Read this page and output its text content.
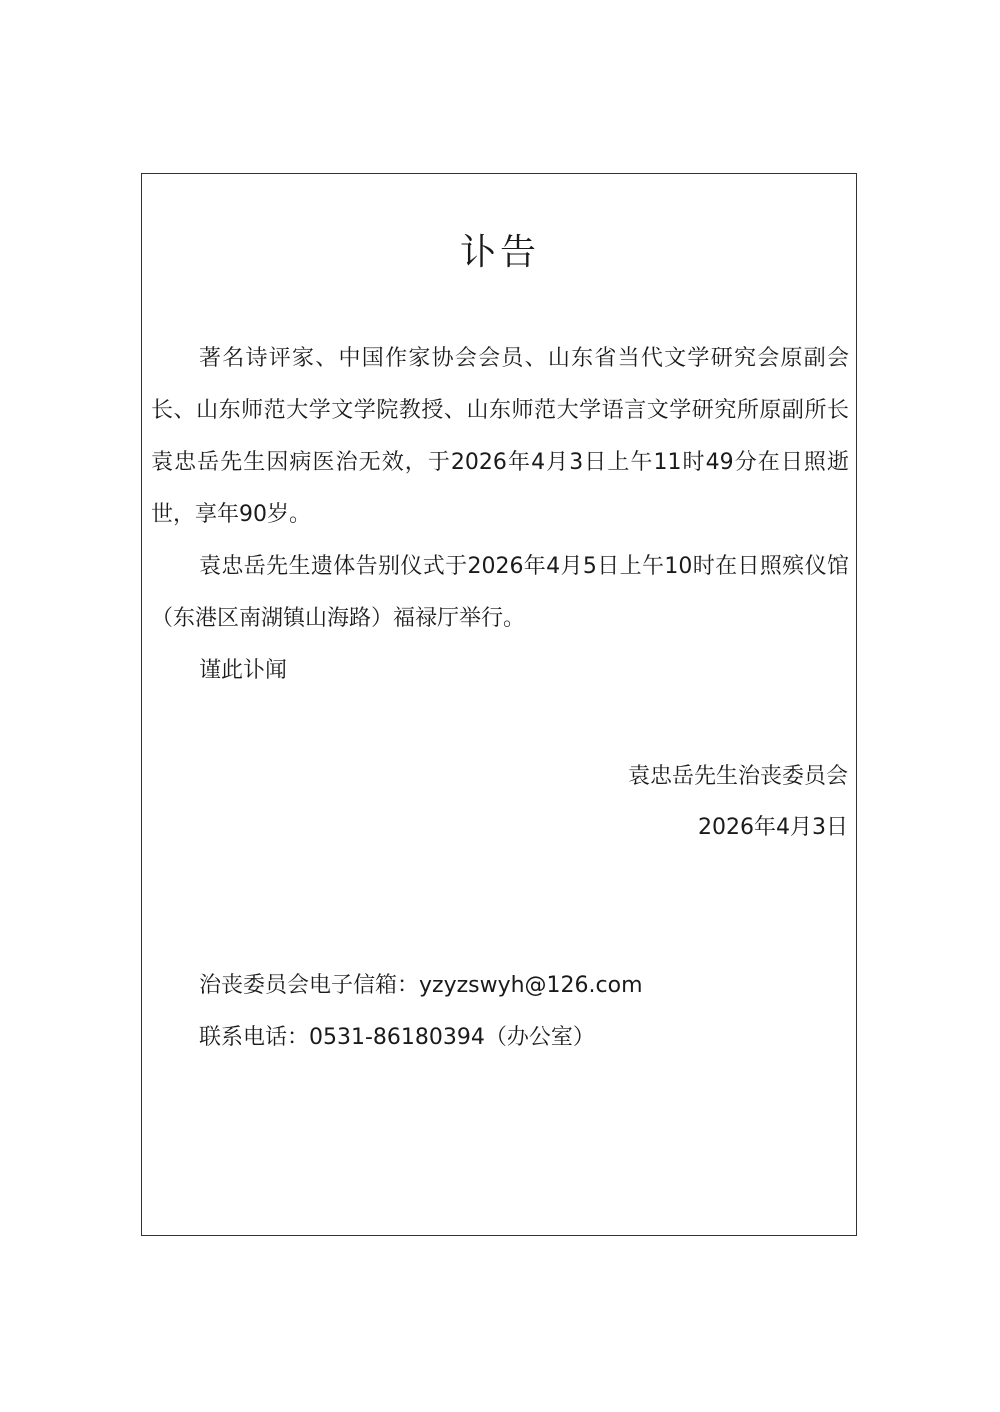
讣告

著名诗评家、中国作家协会会员、山东省当代文学研究会原副会长、山东师范大学文学院教授、山东师范大学语言文学研究所原副所长袁忠岳先生因病医治无效，于2026年4月3日上午11时49分在日照逝世，享年90岁。

袁忠岳先生遗体告别仪式于2026年4月5日上午10时在日照殡仪馆（东港区南湖镇山海路）福禄厅举行。

谨此讣闻

袁忠岳先生治丧委员会
2026年4月3日
治丧委员会电子信箱：yzyzswyh@126.com
联系电话：0531-86180394（办公室）
